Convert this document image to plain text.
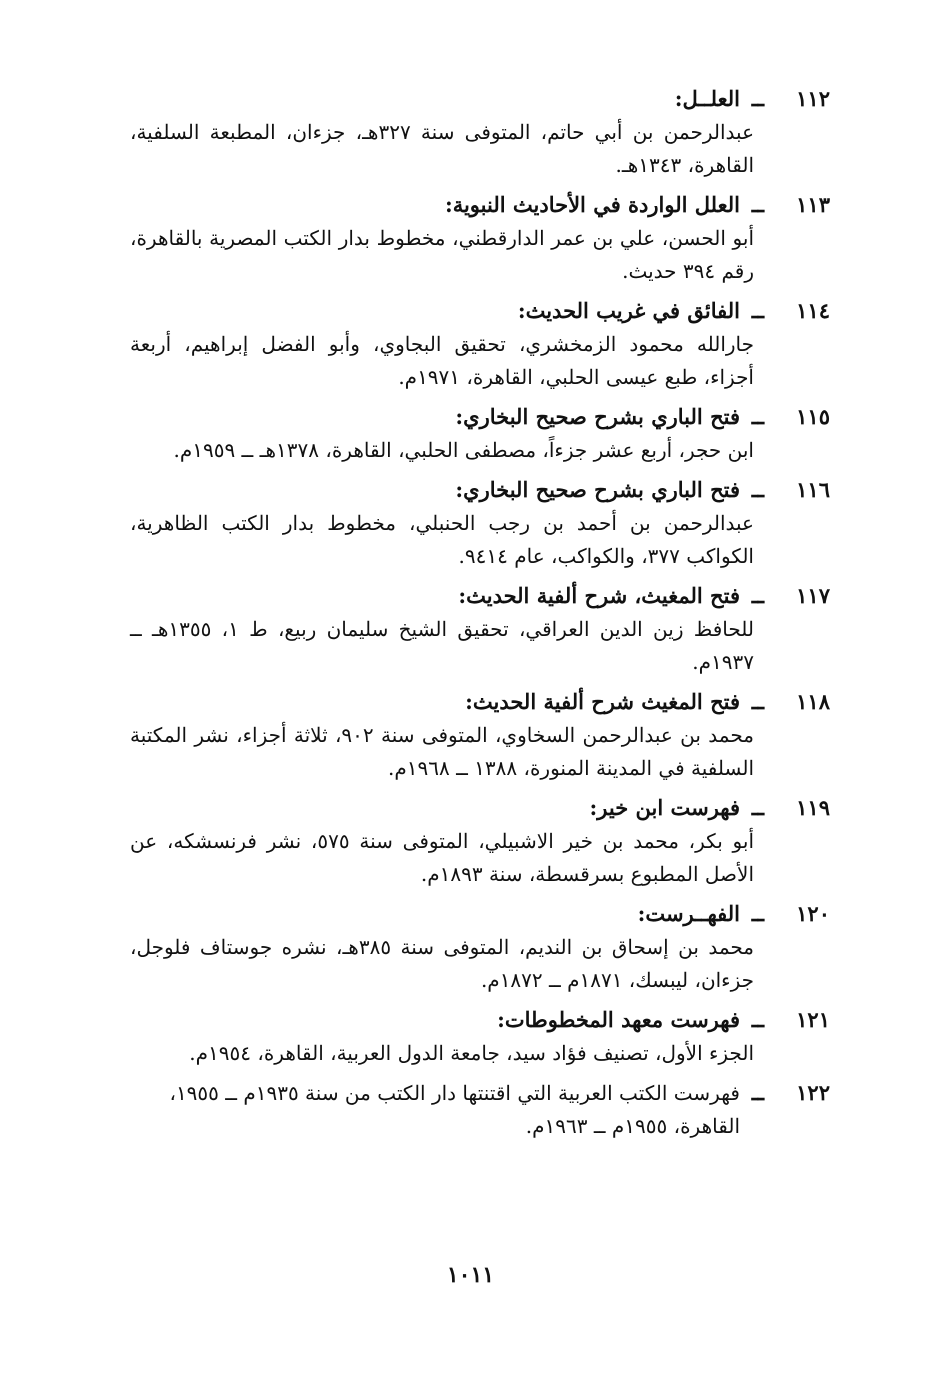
١١٢
ــ
العلــل:
عبدالرحمن بن أبي حاتم، المتوفى سنة ٣٢٧هـ، جزءان، المطبعة السلفية، القاهرة، ١٣٤٣هـ.
١١٣
ــ
العلل الواردة في الأحاديث النبوية:
أبو الحسن، علي بن عمر الدارقطني، مخطوط بدار الكتب المصرية بالقاهرة، رقم ٣٩٤ حديث.
١١٤
ــ
الفائق في غريب الحديث:
جارالله محمود الزمخشري، تحقيق البجاوي، وأبو الفضل إبراهيم، أربعة أجزاء، طبع عيسى الحلبي، القاهرة، ١٩٧١م.
١١٥
ــ
فتح الباري بشرح صحيح البخاري:
ابن حجر، أربع عشر جزءاً، مصطفى الحلبي، القاهرة، ١٣٧٨هـ ــ ١٩٥٩م.
١١٦
ــ
فتح الباري بشرح صحيح البخاري:
عبدالرحمن بن أحمد بن رجب الحنبلي، مخطوط بدار الكتب الظاهرية، الكواكب ٣٧٧، والكواكب، عام ٩٤١٤.
١١٧
ــ
فتح المغيث، شرح ألفية الحديث:
للحافظ زين الدين العراقي، تحقيق الشيخ سليمان ربيع، ط ١، ١٣٥٥هـ ــ ١٩٣٧م.
١١٨
ــ
فتح المغيث شرح ألفية الحديث:
محمد بن عبدالرحمن السخاوي، المتوفى سنة ٩٠٢، ثلاثة أجزاء، نشر المكتبة السلفية في المدينة المنورة، ١٣٨٨ ــ ١٩٦٨م.
١١٩
ــ
فهرست ابن خير:
أبو بكر، محمد بن خير الاشبيلي، المتوفى سنة ٥٧٥، نشر فرنسشكه، عن الأصل المطبوع بسرقسطة، سنة ١٨٩٣م.
١٢٠
ــ
الفهــرست:
محمد بن إسحاق بن النديم، المتوفى سنة ٣٨٥هـ، نشره جوستاف فلوجل، جزءان، ليبسك، ١٨٧١م ــ ١٨٧٢م.
١٢١
ــ
فهرست معهد المخطوطات:
الجزء الأول، تصنيف فؤاد سيد، جامعة الدول العربية، القاهرة، ١٩٥٤م.
١٢٢
ــ
فهرست الكتب العربية التي اقتنتها دار الكتب من سنة ١٩٣٥م ــ ١٩٥٥، القاهرة، ١٩٥٥م ــ ١٩٦٣م.
١٠١١
